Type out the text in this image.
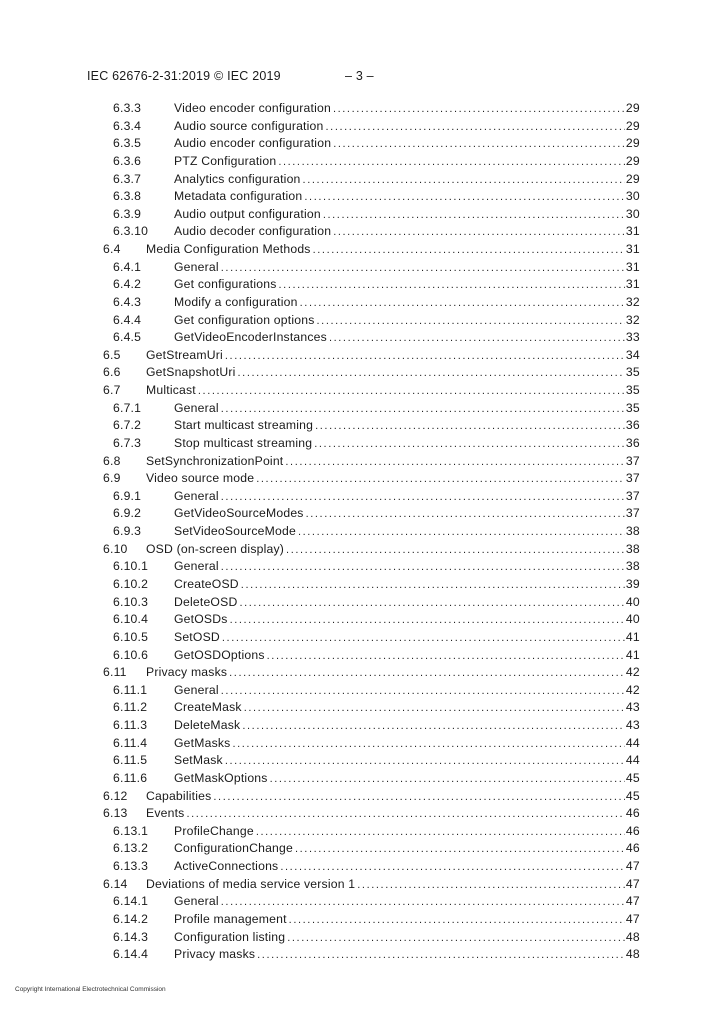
IEC 62676-2-31:2019 © IEC 2019	– 3 –
6.3.3	Video encoder configuration .....	29
6.3.4	Audio source configuration .....	29
6.3.5	Audio encoder configuration .....	29
6.3.6	PTZ Configuration .....	29
6.3.7	Analytics configuration .....	29
6.3.8	Metadata configuration .....	30
6.3.9	Audio output configuration .....	30
6.3.10 Audio decoder configuration .....	31
6.4 Media Configuration Methods .....	31
6.4.1	General .....	31
6.4.2	Get configurations .....	31
6.4.3	Modify a configuration .....	32
6.4.4	Get configuration options .....	32
6.4.5	GetVideoEncoderInstances .....	33
6.5 GetStreamUri .....	34
6.6 GetSnapshotUri .....	35
6.7 Multicast .....	35
6.7.1	General .....	35
6.7.2	Start multicast streaming .....	36
6.7.3	Stop multicast streaming .....	36
6.8 SetSynchronizationPoint .....	37
6.9 Video source mode .....	37
6.9.1	General .....	37
6.9.2	GetVideoSourceModes .....	37
6.9.3	SetVideoSourceMode .....	38
6.10 OSD (on-screen display) .....	38
6.10.1 General .....	38
6.10.2 CreateOSD .....	39
6.10.3 DeleteOSD .....	40
6.10.4 GetOSDs .....	40
6.10.5 SetOSD .....	41
6.10.6 GetOSDOptions .....	41
6.11 Privacy masks .....	42
6.11.1 General .....	42
6.11.2 CreateMask .....	43
6.11.3 DeleteMask .....	43
6.11.4 GetMasks .....	44
6.11.5 SetMask .....	44
6.11.6 GetMaskOptions .....	45
6.12 Capabilities .....	45
6.13 Events .....	46
6.13.1 ProfileChange .....	46
6.13.2 ConfigurationChange .....	46
6.13.3 ActiveConnections .....	47
6.14 Deviations of media service version 1 .....	47
6.14.1 General .....	47
6.14.2 Profile management .....	47
6.14.3 Configuration listing .....	48
6.14.4 Privacy masks .....	48
Copyright International Electrotechnical Commission
